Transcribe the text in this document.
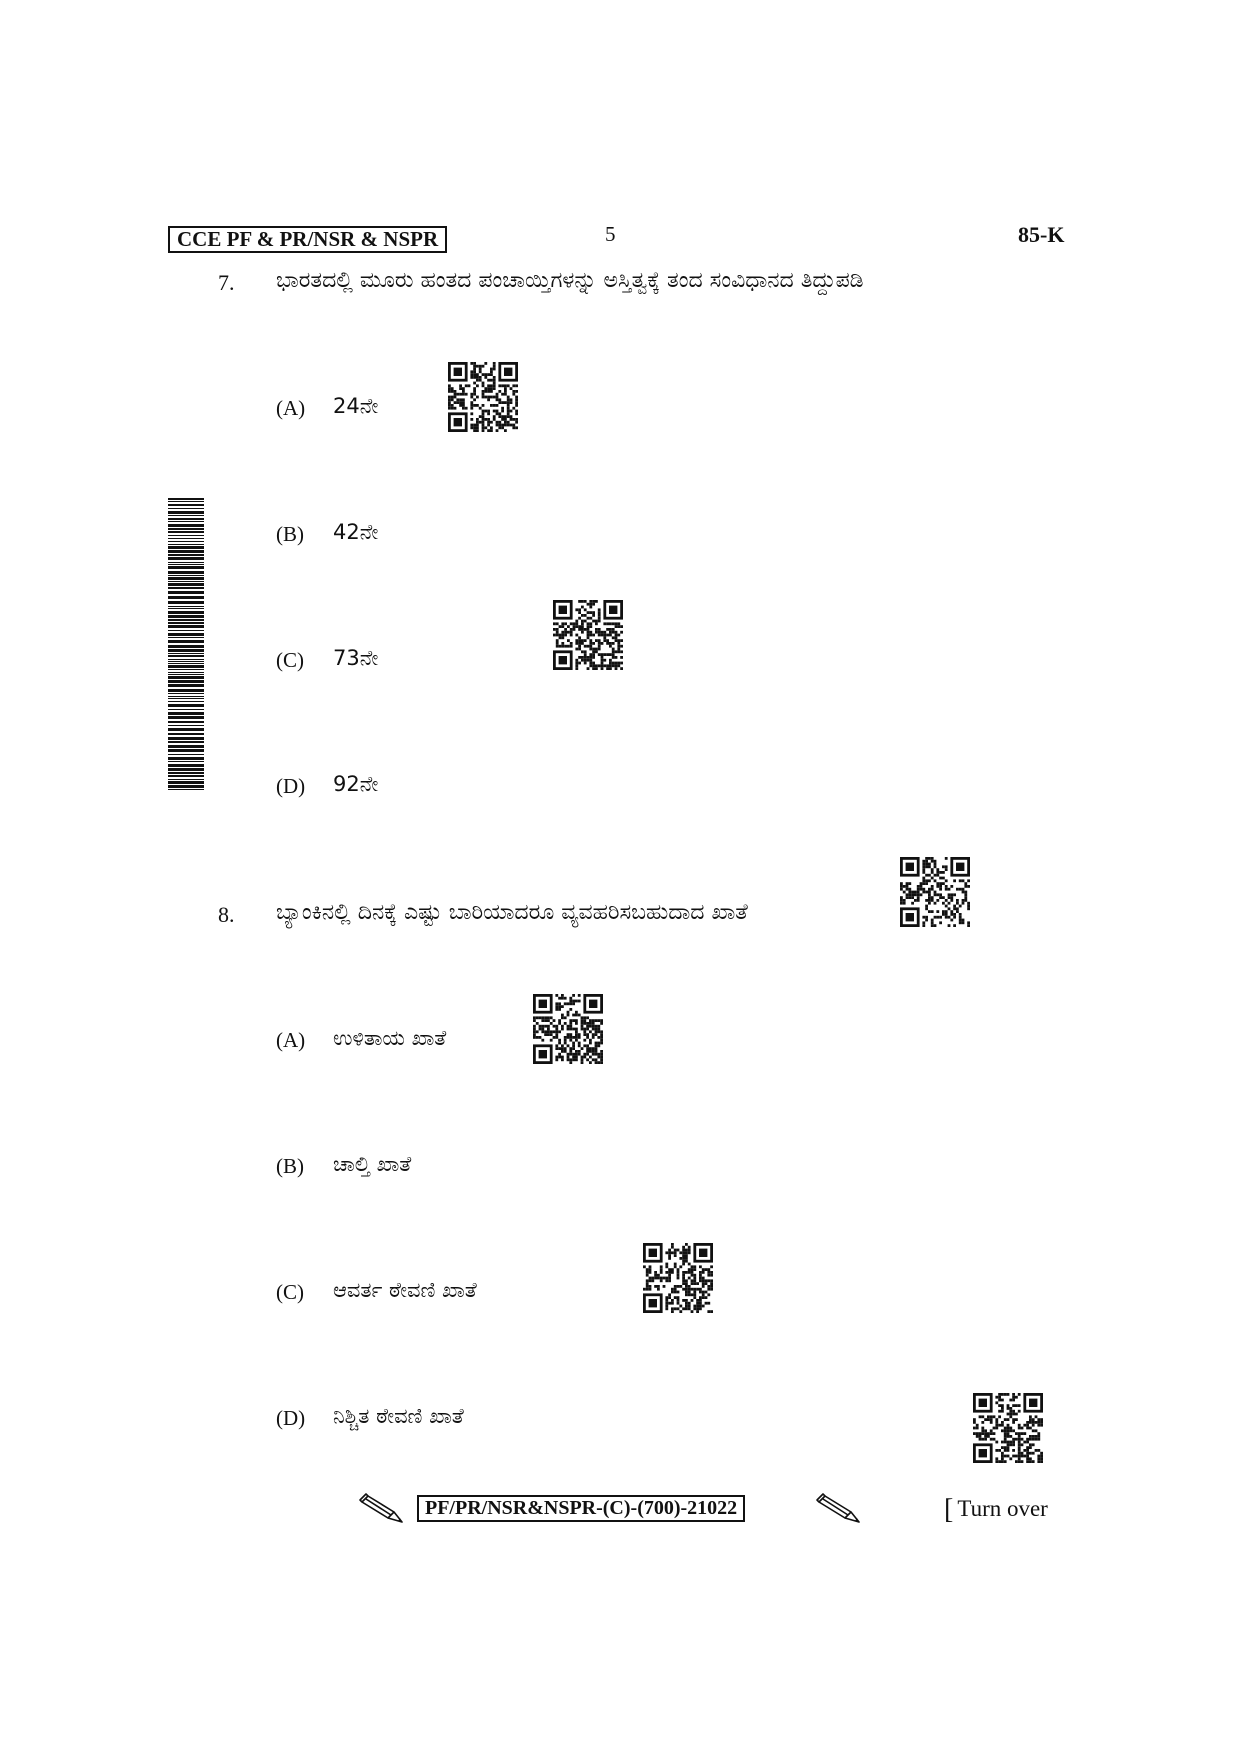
CCE PF & PR/NSR & NSPR	5	85-K
7. ಭಾರತದಲ್ಲಿ ಮೂರು ಹಂತದ ಪಂಚಾಯ್ತಿಗಳನ್ನು ಅಸ್ತಿತ್ವಕ್ಕೆ ತಂದ ಸಂವಿಧಾನದ ತಿದ್ದುಪಡಿ
(A) 24ನೇ
(B) 42ನೇ
(C) 73ನೇ
(D) 92ನೇ
8. ಬ್ಯಾಂಕಿನಲ್ಲಿ ದಿನಕ್ಕೆ ಎಷ್ಟು ಬಾರಿಯಾದರೂ ವ್ಯವಹರಿಸಬಹುದಾದ ಖಾತೆ
(A) ಉಳಿತಾಯ ಖಾತೆ
(B) ಚಾಲ್ತಿ ಖಾತೆ
(C) ಆವರ್ತ ಠೇವಣಿ ಖಾತೆ
(D) ನಿಶ್ಚಿತ ಠೇವಣಿ ಖಾತೆ
PF/PR/NSR&NSPR-(C)-(700)-21022	[ Turn over
